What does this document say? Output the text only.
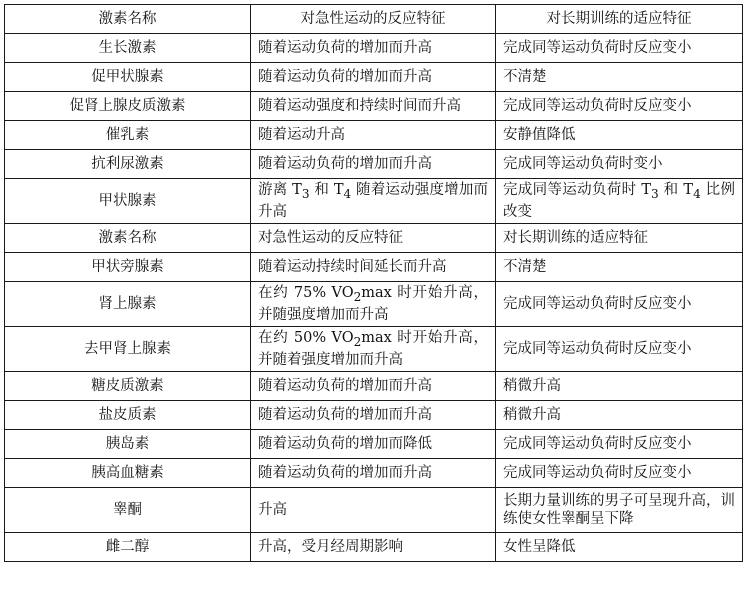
激素名称	对急性运动的反应特征	对长期训练的适应特征
生长激素	随着运动负荷的增加而升高	完成同等运动负荷时反应变小
促甲状腺素	随着运动负荷的增加而升高	不清楚
促肾上腺皮质激素	随着运动强度和持续时间而升高	完成同等运动负荷时反应变小
催乳素	随着运动升高	安静值降低
抗利尿激素	随着运动负荷的增加而升高	完成同等运动负荷时变小
甲状腺素	游离 $T_3$ 和 $T_4$ 随着运动强度增加而升高	完成同等运动负荷时 $T_3$ 和 $T_4$ 比例改变
激素名称	对急性运动的反应特征	对长期训练的适应特征
甲状旁腺素	随着运动持续时间延长而升高	不清楚
肾上腺素	在约 75% $VO_2\max$ 时开始升高，并随强度增加而升高	完成同等运动负荷时反应变小
去甲肾上腺素	在约 50% $VO_2\max$ 时开始升高，并随着强度增加而升高	完成同等运动负荷时反应变小
糖皮质激素	随着运动负荷的增加而升高	稍微升高
盐皮质素	随着运动负荷的增加而升高	稍微升高
胰岛素	随着运动负荷的增加而降低	完成同等运动负荷时反应变小
胰高血糖素	随着运动负荷的增加而升高	完成同等运动负荷时反应变小
睾酮	升高	长期力量训练的男子可呈现升高，训练使女性睾酮呈下降
雌二醇	升高，受月经周期影响	女性呈降低
